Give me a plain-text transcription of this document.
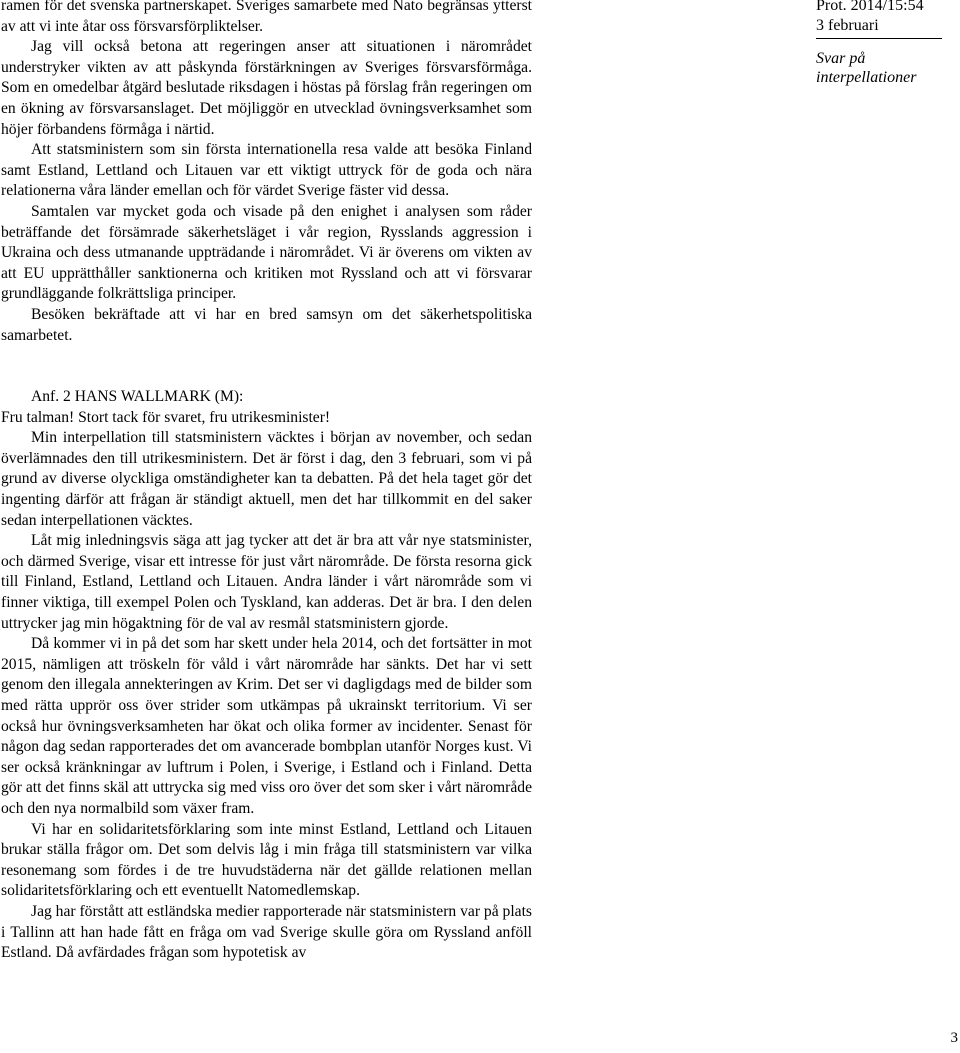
ramen för det svenska partnerskapet. Sveriges samarbete med Nato begränsas ytterst av att vi inte åtar oss försvarsförpliktelser.

Jag vill också betona att regeringen anser att situationen i närområdet understryker vikten av att påskynda förstärkningen av Sveriges försvarsförmåga. Som en omedelbar åtgärd beslutade riksdagen i höstas på förslag från regeringen om en ökning av försvarsanslaget. Det möjliggör en utvecklad övningsverksamhet som höjer förbandens förmåga i närtid.

Att statsministern som sin första internationella resa valde att besöka Finland samt Estland, Lettland och Litauen var ett viktigt uttryck för de goda och nära relationerna våra länder emellan och för värdet Sverige fäster vid dessa.

Samtalen var mycket goda och visade på den enighet i analysen som råder beträffande det försämrade säkerhetsläget i vår region, Rysslands aggression i Ukraina och dess utmanande uppträdande i närområdet. Vi är överens om vikten av att EU upprätthåller sanktionerna och kritiken mot Ryssland och att vi försvarar grundläggande folkrättsliga principer.

Besöken bekräftade att vi har en bred samsyn om det säkerhetspolitiska samarbetet.

Anf. 2 HANS WALLMARK (M):

Fru talman! Stort tack för svaret, fru utrikesminister!

Min interpellation till statsministern väcktes i början av november, och sedan överlämnades den till utrikesministern. Det är först i dag, den 3 februari, som vi på grund av diverse olyckliga omständigheter kan ta debatten. På det hela taget gör det ingenting därför att frågan är ständigt aktuell, men det har tillkommit en del saker sedan interpellationen väcktes.

Låt mig inledningsvis säga att jag tycker att det är bra att vår nye statsminister, och därmed Sverige, visar ett intresse för just vårt närområde. De första resorna gick till Finland, Estland, Lettland och Litauen. Andra länder i vårt närområde som vi finner viktiga, till exempel Polen och Tyskland, kan adderas. Det är bra. I den delen uttrycker jag min högaktning för de val av resmål statsministern gjorde.

Då kommer vi in på det som har skett under hela 2014, och det fortsätter in mot 2015, nämligen att tröskeln för våld i vårt närområde har sänkts. Det har vi sett genom den illegala annekteringen av Krim. Det ser vi dagligdags med de bilder som med rätta upprör oss över strider som utkämpas på ukrainskt territorium. Vi ser också hur övningsverksamheten har ökat och olika former av incidenter. Senast för någon dag sedan rapporterades det om avancerade bombplan utanför Norges kust. Vi ser också kränkningar av luftrum i Polen, i Sverige, i Estland och i Finland. Detta gör att det finns skäl att uttrycka sig med viss oro över det som sker i vårt närområde och den nya normalbild som växer fram.

Vi har en solidaritetsförklaring som inte minst Estland, Lettland och Litauen brukar ställa frågor om. Det som delvis låg i min fråga till statsministern var vilka resonemang som fördes i de tre huvudstäderna när det gällde relationen mellan solidaritetsförklaring och ett eventuellt Natomedlemskap.

Jag har förstått att estländska medier rapporterade när statsministern var på plats i Tallinn att han hade fått en fråga om vad Sverige skulle göra om Ryssland anföll Estland. Då avfärdades frågan som hypotetisk av

Prot. 2014/15:54

3 februari

Svar på interpellationer

3
